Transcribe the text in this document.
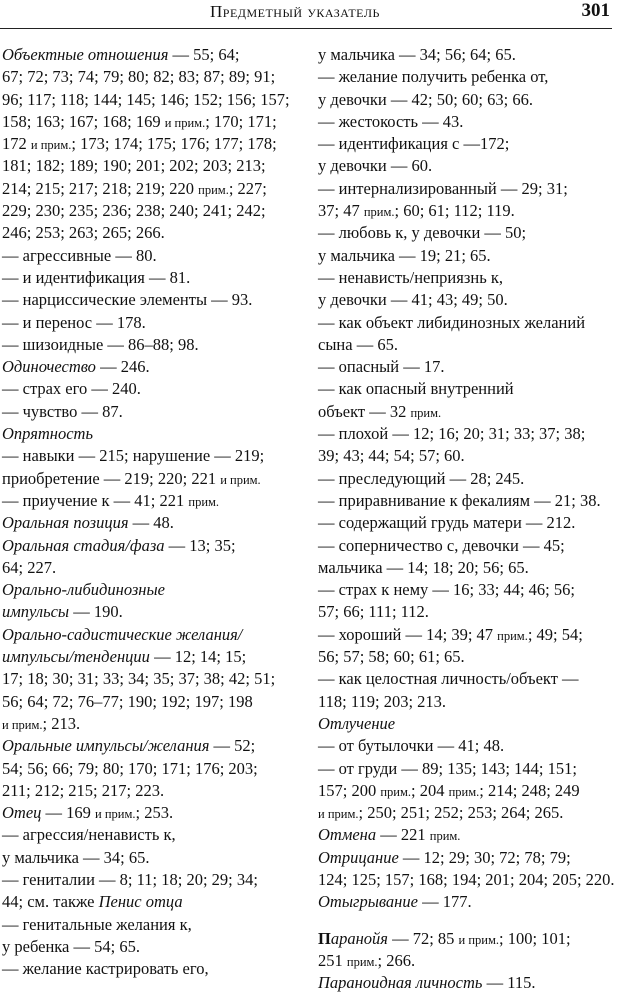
Предметный указатель	301
Объектные отношения — 55; 64;
67; 72; 73; 74; 79; 80; 82; 83; 87; 89; 91;
96; 117; 118; 144; 145; 146; 152; 156; 157;
158; 163; 167; 168; 169 и прим.; 170; 171;
172 и прим.; 173; 174; 175; 176; 177; 178;
181; 182; 189; 190; 201; 202; 203; 213;
214; 215; 217; 218; 219; 220 прим.; 227;
229; 230; 235; 236; 238; 240; 241; 242;
246; 253; 263; 265; 266.
— агрессивные — 80.
— и идентификация — 81.
— нарциссические элементы — 93.
— и перенос — 178.
— шизоидные — 86–88; 98.
Одиночество — 246.
— страх его — 240.
— чувство — 87.
Опрятность
— навыки — 215; нарушение — 219;
приобретение — 219; 220; 221 и прим.
— приучение к — 41; 221 прим.
Оральная позиция — 48.
Оральная стадия/фаза — 13; 35;
64; 227.
Орально-либидинозные
импульсы — 190.
Орально-садистические желания/
импульсы/тенденции — 12; 14; 15;
17; 18; 30; 31; 33; 34; 35; 37; 38; 42; 51;
56; 64; 72; 76–77; 190; 192; 197; 198
и прим.; 213.
Оральные импульсы/желания — 52;
54; 56; 66; 79; 80; 170; 171; 176; 203;
211; 212; 215; 217; 223.
Отец — 169 и прим.; 253.
— агрессия/ненависть к,
у мальчика — 34; 65.
— гениталии — 8; 11; 18; 20; 29; 34;
44; см. также Пенис отца
— генитальные желания к,
у ребенка — 54; 65.
— желание кастрировать его,
у мальчика — 34; 56; 64; 65.
— желание получить ребенка от,
у девочки — 42; 50; 60; 63; 66.
— жестокость — 43.
— идентификация с —172;
у девочки — 60.
— интернализированный — 29; 31;
37; 47 прим.; 60; 61; 112; 119.
— любовь к, у девочки — 50;
у мальчика — 19; 21; 65.
— ненависть/неприязнь к,
у девочки — 41; 43; 49; 50.
— как объект либидинозных желаний
сына — 65.
— опасный — 17.
— как опасный внутренний
объект — 32 прим.
— плохой — 12; 16; 20; 31; 33; 37; 38;
39; 43; 44; 54; 57; 60.
— преследующий — 28; 245.
— приравнивание к фекалиям — 21; 38.
— содержащий грудь матери — 212.
— соперничество с, девочки — 45;
мальчика — 14; 18; 20; 56; 65.
— страх к нему — 16; 33; 44; 46; 56;
57; 66; 111; 112.
— хороший — 14; 39; 47 прим.; 49; 54;
56; 57; 58; 60; 61; 65.
— как целостная личность/объект —
118; 119; 203; 213.
Отлучение
— от бутылочки — 41; 48.
— от груди — 89; 135; 143; 144; 151;
157; 200 прим.; 204 прим.; 214; 248; 249
и прим.; 250; 251; 252; 253; 264; 265.
Отмена — 221 прим.
Отрицание — 12; 29; 30; 72; 78; 79;
124; 125; 157; 168; 194; 201; 204; 205; 220.
Отыгрывание — 177.
Паранойя — 72; 85 и прим.; 100; 101;
251 прим.; 266.
Параноидная личность — 115.
